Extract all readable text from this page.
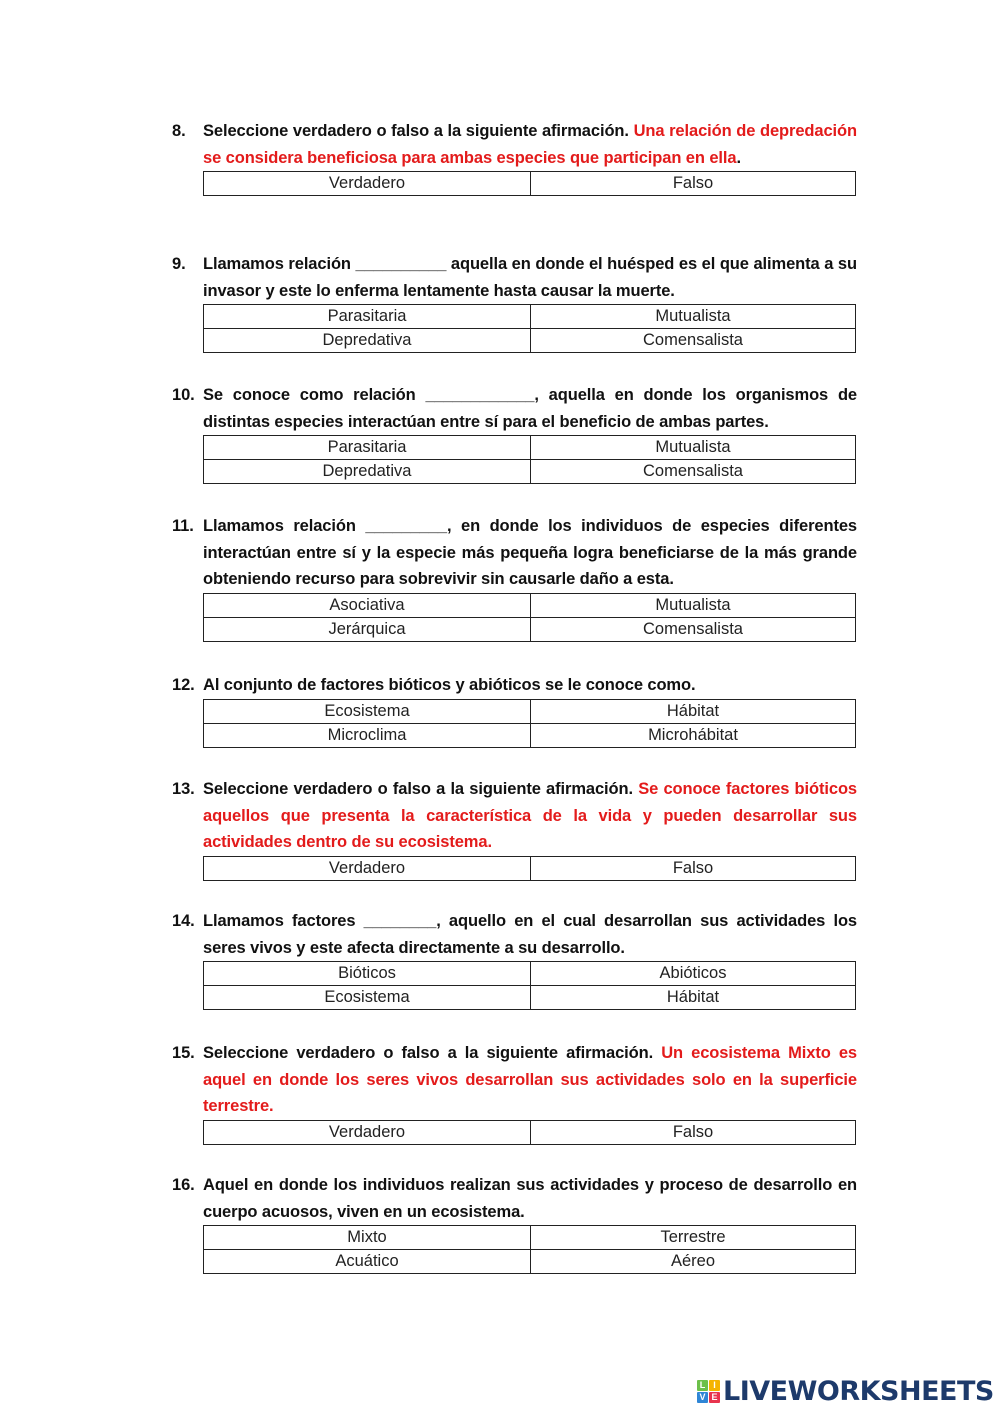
8. Seleccione verdadero o falso a la siguiente afirmación. Una relación de depredación se considera beneficiosa para ambas especies que participan en ella.
Verdadero	Falso
9. Llamamos relación __________ aquella en donde el huésped es el que alimenta a su invasor y este lo enferma lentamente hasta causar la muerte.
Parasitaria	Mutualista
Depredativa	Comensalista
10. Se conoce como relación ____________, aquella en donde los organismos de distintas especies interactúan entre sí para el beneficio de ambas partes.
Parasitaria	Mutualista
Depredativa	Comensalista
11. Llamamos relación _________, en donde los individuos de especies diferentes interactúan entre sí y la especie más pequeña logra beneficiarse de la más grande obteniendo recurso para sobrevivir sin causarle daño a esta.
Asociativa	Mutualista
Jerárquica	Comensalista
12. Al conjunto de factores bióticos y abióticos se le conoce como.
Ecosistema	Hábitat
Microclima	Microhábitat
13. Seleccione verdadero o falso a la siguiente afirmación. Se conoce factores bióticos aquellos que presenta la característica de la vida y pueden desarrollar sus actividades dentro de su ecosistema.
Verdadero	Falso
14. Llamamos factores ________, aquello en el cual desarrollan sus actividades los seres vivos y este afecta directamente a su desarrollo.
Bióticos	Abióticos
Ecosistema	Hábitat
15. Seleccione verdadero o falso a la siguiente afirmación. Un ecosistema Mixto es aquel en donde los seres vivos desarrollan sus actividades solo en la superficie terrestre.
Verdadero	Falso
16. Aquel en donde los individuos realizan sus actividades y proceso de desarrollo en cuerpo acuosos, viven en un ecosistema.
Mixto	Terrestre
Acuático	Aéreo
L I
V E LIVEWORKSHEETS
